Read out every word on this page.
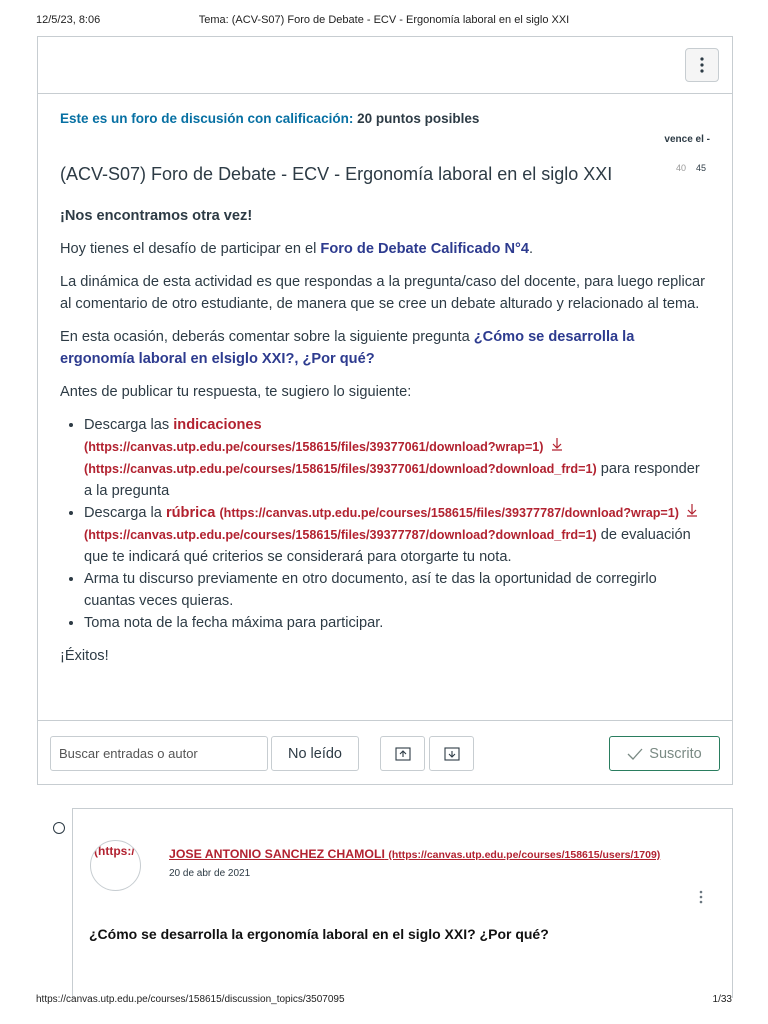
12/5/23, 8:06	Tema: (ACV-S07) Foro de Debate - ECV - Ergonomía laboral en el siglo XXI
Este es un foro de discusión con calificación: 20 puntos posibles
vence el -
40 45
(ACV-S07) Foro de Debate - ECV - Ergonomía laboral en el siglo XXI

¡Nos encontramos otra vez!

Hoy tienes el desafío de participar en el Foro de Debate Calificado N°4.

La dinámica de esta actividad es que respondas a la pregunta/caso del docente, para luego replicar al comentario de otro estudiante, de manera que se cree un debate alturado y relacionado al tema.

En esta ocasión, deberás comentar sobre la siguiente pregunta ¿Cómo se desarrolla la ergonomía laboral en elsiglo XXI?, ¿Por qué?

Antes de publicar tu respuesta, te sugiero lo siguiente:

• Descarga las indicaciones
(https://canvas.utp.edu.pe/courses/158615/files/39377061/download?wrap=1)
(https://canvas.utp.edu.pe/courses/158615/files/39377061/download?download_frd=1) para responder a la pregunta
• Descarga la rúbrica (https://canvas.utp.edu.pe/courses/158615/files/39377787/download?wrap=1)  (https://canvas.utp.edu.pe/courses/158615/files/39377787/download?download_frd=1) de evaluación que te indicará qué criterios se considerará para otorgarte tu nota.
• Arma tu discurso previamente en otro documento, así te das la oportunidad de corregirlo cuantas veces quieras.
• Toma nota de la fecha máxima para participar.

¡Éxitos!

Buscar entradas o autor	No leído	Suscrito
(https:/	JOSE ANTONIO SANCHEZ CHAMOLI (https://canvas.utp.edu.pe/courses/158615/users/1709)
20 de abr de 2021
¿Cómo se desarrolla la ergonomía laboral en el siglo XXI? ¿Por qué?
https://canvas.utp.edu.pe/courses/158615/discussion_topics/3507095	1/33
